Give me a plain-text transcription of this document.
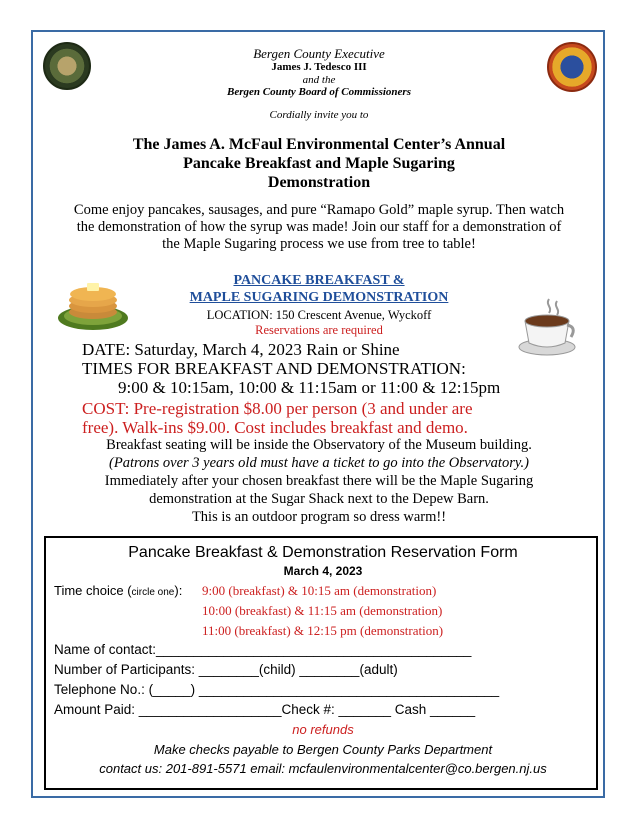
Bergen County Executive
James J. Tedesco III
and the
Bergen County Board of Commissioners
Cordially invite you to
The James A. McFaul Environmental Center’s Annual
Pancake Breakfast and Maple Sugaring
Demonstration
Come enjoy pancakes, sausages, and pure “Ramapo Gold” maple syrup. Then watch
the demonstration of how the syrup was made! Join our staff for a demonstration of
the Maple Sugaring process we use from tree to table!
PANCAKE BREAKFAST &
MAPLE SUGARING DEMONSTRATION
LOCATION: 150 Crescent Avenue, Wyckoff
Reservations are required
DATE: Saturday, March 4, 2023 Rain or Shine
TIMES FOR BREAKFAST AND DEMONSTRATION:
9:00 & 10:15am, 10:00 & 11:15am or 11:00 & 12:15pm
COST: Pre-registration $8.00 per person (3 and under are
free). Walk-ins $9.00. Cost includes breakfast and demo.
Breakfast seating will be inside the Observatory of the Museum building.
(Patrons over 3 years old must have a ticket to go into the Observatory.)
Immediately after your chosen breakfast there will be the Maple Sugaring
demonstration at the Sugar Shack next to the Depew Barn.
This is an outdoor program so dress warm!!
Pancake Breakfast & Demonstration Reservation Form
March 4, 2023
Time choice (circle one): 9:00 (breakfast) & 10:15 am (demonstration)
10:00 (breakfast) & 11:15 am (demonstration)
11:00 (breakfast) & 12:15 pm (demonstration)
Name of contact:__________________________________________
Number of Participants: ________(child) ________(adult)
Telephone No.: (_____) ________________________________________
Amount Paid: ___________________Check #: _______ Cash ______
no refunds
Make checks payable to Bergen County Parks Department
contact us: 201-891-5571 email: mcfaulenvironmentalcenter@co.bergen.nj.us
